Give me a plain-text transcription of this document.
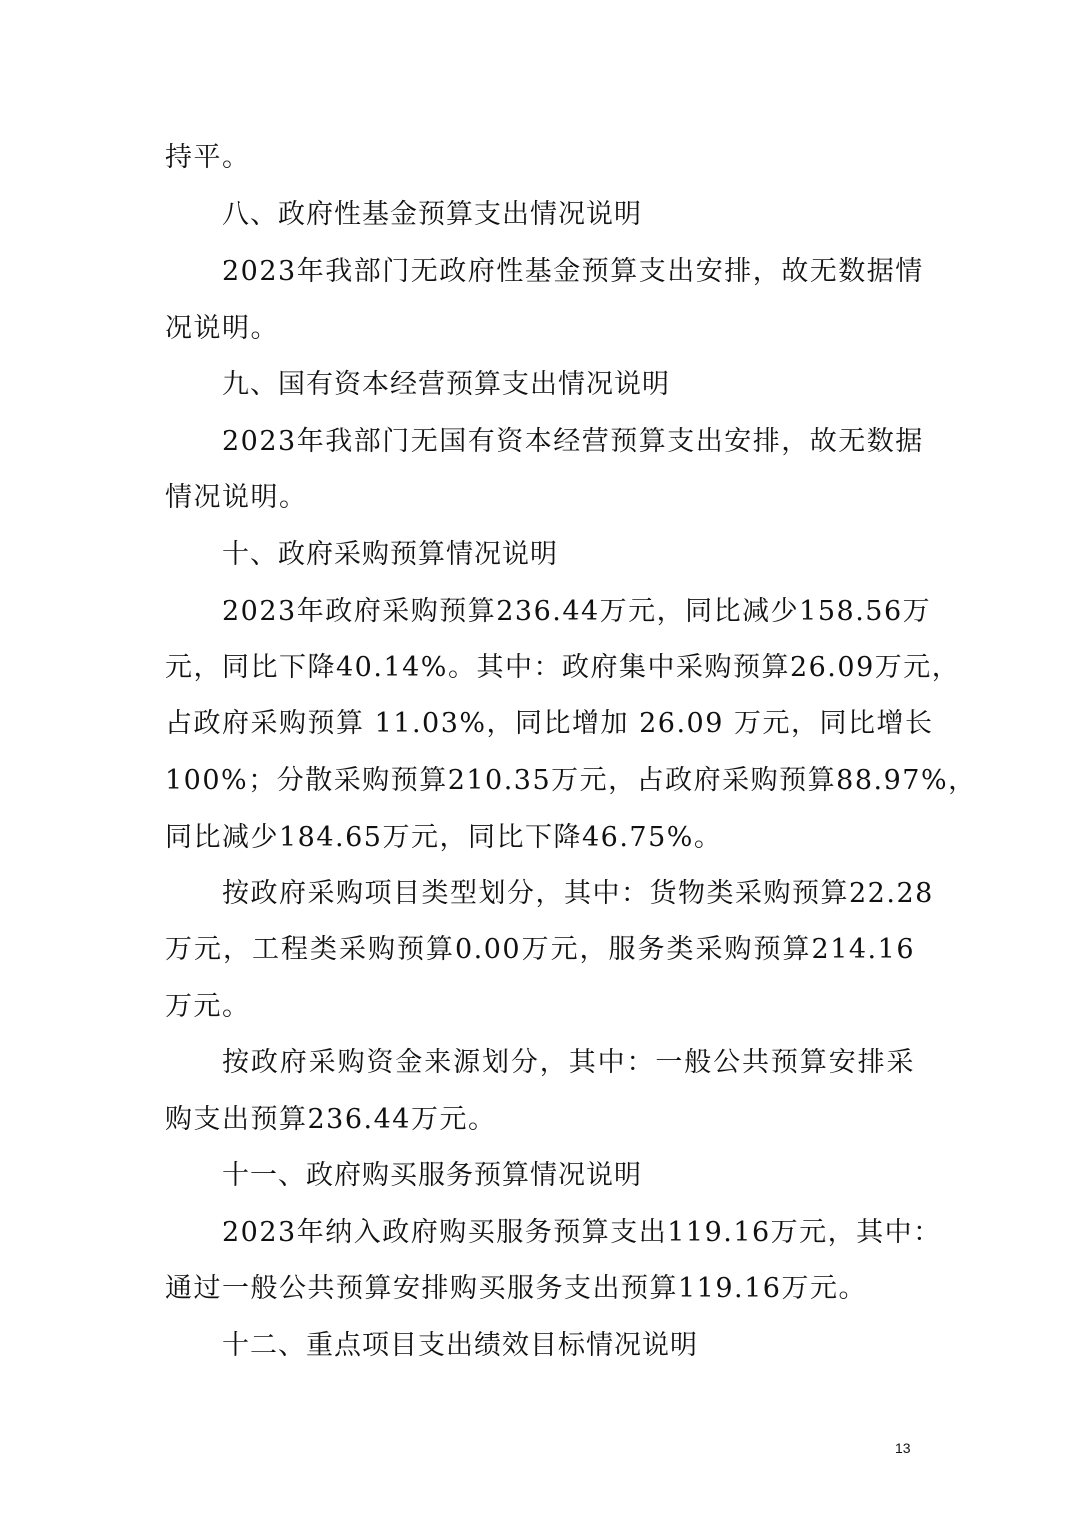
持平。

八、政府性基金预算支出情况说明

2023年我部门无政府性基金预算支出安排，故无数据情

况说明。

九、国有资本经营预算支出情况说明

2023年我部门无国有资本经营预算支出安排，故无数据

情况说明。

十、政府采购预算情况说明

2023年政府采购预算236.44万元，同比减少158.56万

元，同比下降40.14%。其中：政府集中采购预算26.09万元，

占政府采购预算 11.03%，同比增加 26.09 万元，同比增长

100%；分散采购预算210.35万元，占政府采购预算88.97%，

同比减少184.65万元，同比下降46.75%。

按政府采购项目类型划分，其中：货物类采购预算22.28

万元，工程类采购预算0.00万元，服务类采购预算214.16

万元。

按政府采购资金来源划分，其中：一般公共预算安排采

购支出预算236.44万元。

十一、政府购买服务预算情况说明

2023年纳入政府购买服务预算支出119.16万元，其中：

通过一般公共预算安排购买服务支出预算119.16万元。

十二、重点项目支出绩效目标情况说明

13
